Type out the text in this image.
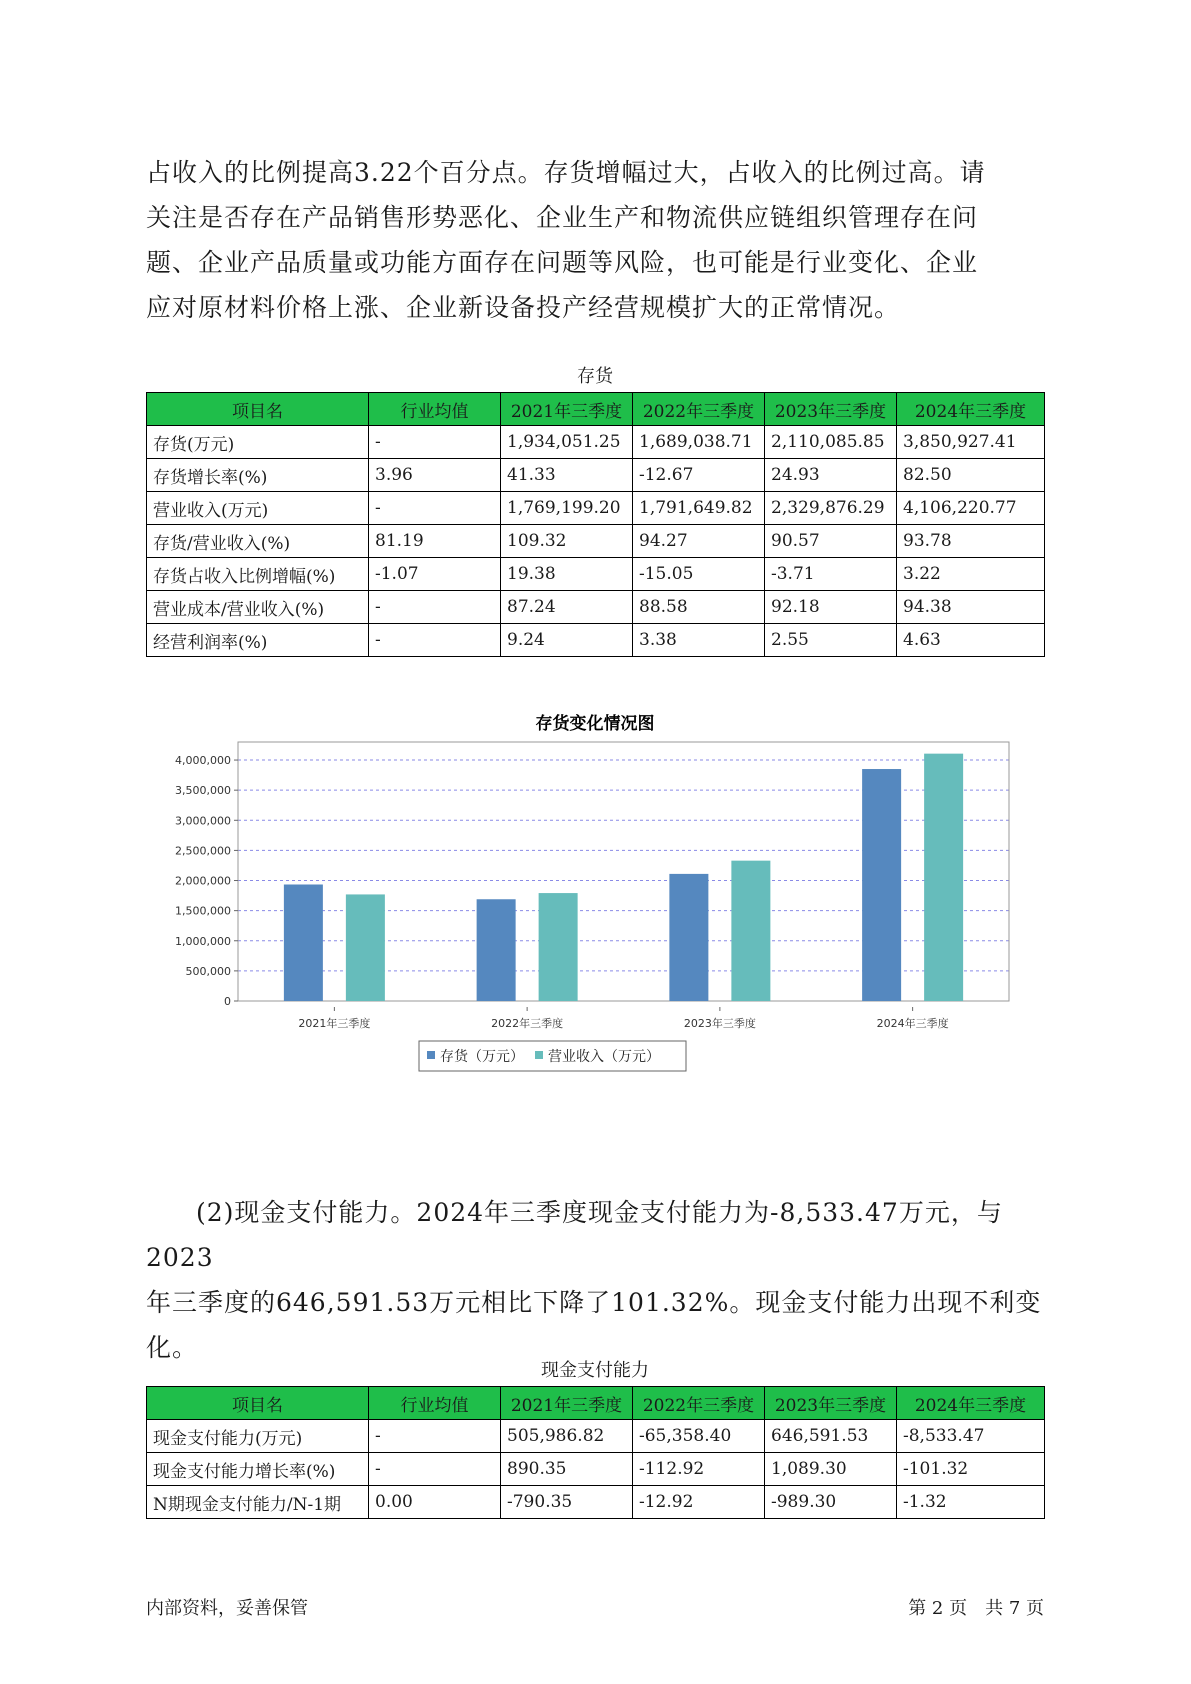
占收入的比例提高3.22个百分点。存货增幅过大，占收入的比例过高。请

关注是否存在产品销售形势恶化、企业生产和物流供应链组织管理存在问

题、企业产品质量或功能方面存在问题等风险，也可能是行业变化、企业

应对原材料价格上涨、企业新设备投产经营规模扩大的正常情况。

存货
项目名	行业均值	2021年三季度	2022年三季度	2023年三季度	2024年三季度
存货(万元)	-	1,934,051.25	1,689,038.71	2,110,085.85	3,850,927.41
存货增长率(%)	3.96	41.33	-12.67	24.93	82.50
营业收入(万元)	-	1,769,199.20	1,791,649.82	2,329,876.29	4,106,220.77
存货/营业收入(%)	81.19	109.32	94.27	90.57	93.78
存货占收入比例增幅(%)	-1.07	19.38	-15.05	-3.71	3.22
营业成本/营业收入(%)	-	87.24	88.58	92.18	94.38
经营利润率(%)	-	9.24	3.38	2.55	4.63
存货变化情况图
0
500,000
1,000,000
1,500,000
2,000,000
2,500,000
3,000,000
3,500,000
4,000,000
2021年三季度	2022年三季度	2023年三季度	2024年三季度
存货（万元） 营业收入（万元）

(2)现金支付能力。2024年三季度现金支付能力为-8,533.47万元，与2023

年三季度的646,591.53万元相比下降了101.32%。现金支付能力出现不利变

化。

现金支付能力
项目名	行业均值	2021年三季度	2022年三季度	2023年三季度	2024年三季度
现金支付能力(万元)	-	505,986.82	-65,358.40	646,591.53	-8,533.47
现金支付能力增长率(%)	-	890.35	-112.92	1,089.30	-101.32
N期现金支付能力/N-1期	0.00	-790.35	-12.92	-989.30	-1.32
内部资料，妥善保管	第 2 页　共 7 页
